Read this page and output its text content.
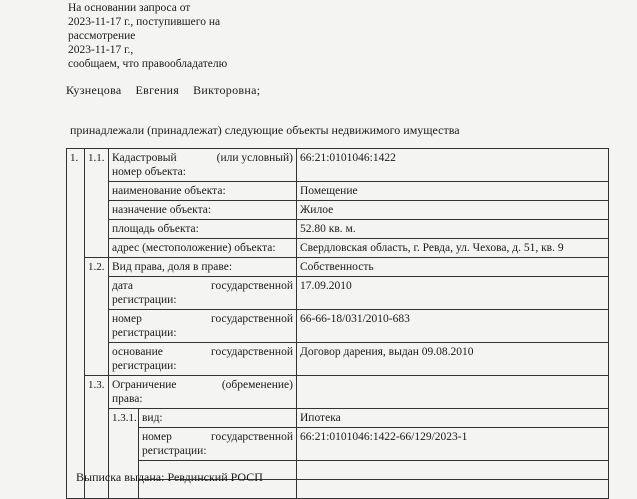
На основании запроса от
2023-11-17 г., поступившего на
рассмотрение
2023-11-17 г.,
сообщаем, что правообладателю
Кузнецова Евгения Викторовна;
принадлежали (принадлежат) следующие объекты недвижимого имущества
1.	1.1.	Кадастровый (или условный)
номер объекта:		66:21:0101046:1422
		наименование объекта:		Помещение
		назначение объекта:		Жилое
		площадь объекта:		52.80 кв. м.
		адрес (местоположение) объекта:		Свердловская область, г. Ревда, ул. Чехова, д. 51, кв. 9
	1.2.	Вид права, доля в праве:		Собственность

		дата государственной
регистрации:		17.09.2010

		номер государственной
регистрации:		66-66-18/031/2010-683

		основание государственной
регистрации:		Договор дарения, выдан 09.08.2010
	1.3.	Ограничение (обременение)
права:		

		1.3.1.	вид:	Ипотека

			номер государственной
регистрации:	66:21:0101046:1422-66/129/2023-1

Выписка выдана: Ревдинский РОСП
